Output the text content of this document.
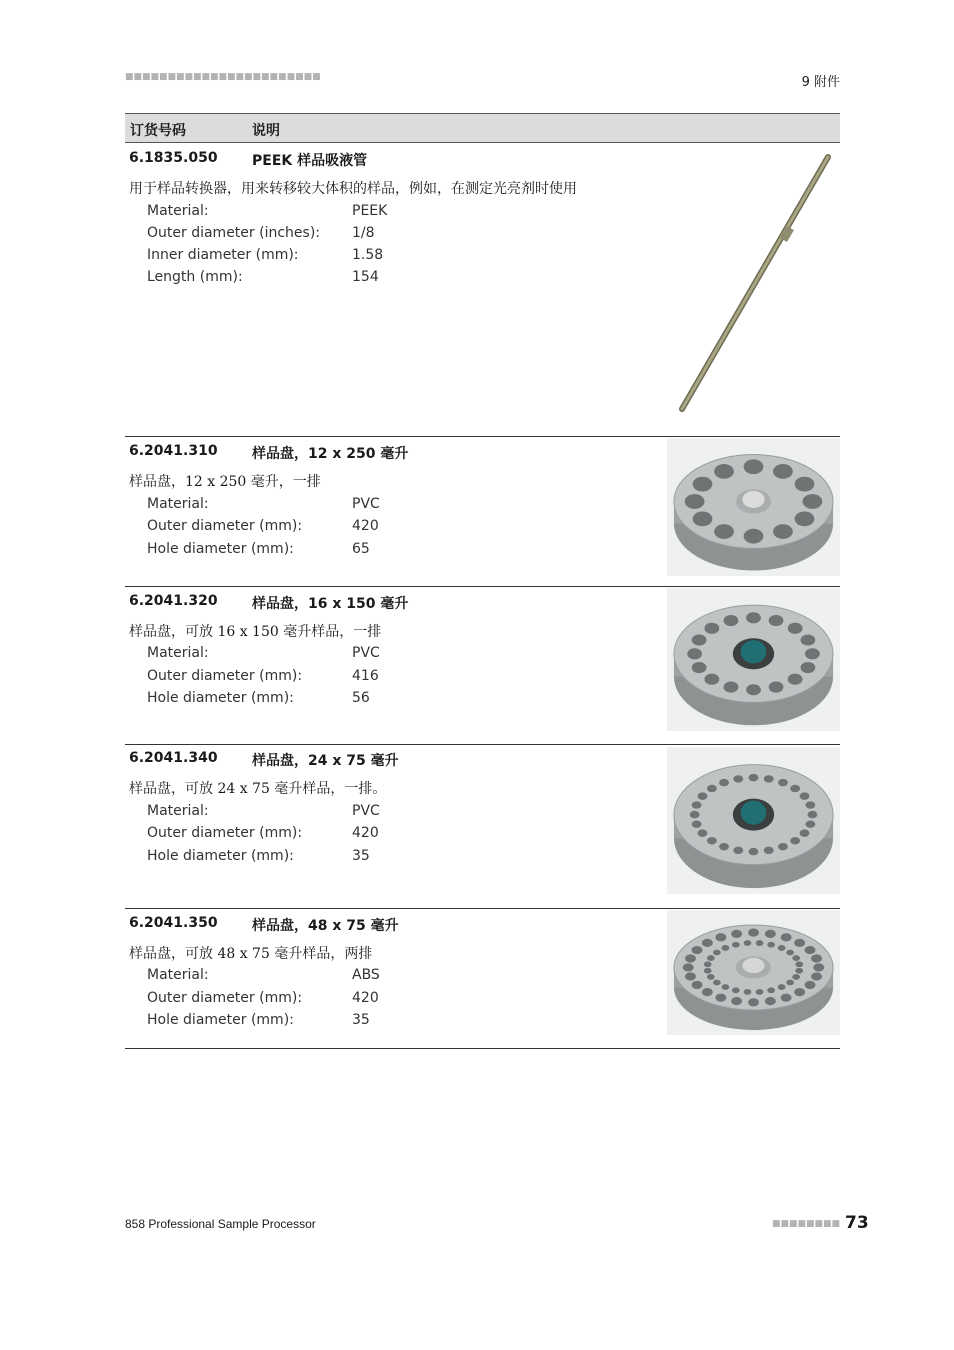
■■■■■■■■■■■■■■■■■■■■■■■	9 附件
订货号码	说明
6.1835.050 PEEK 样品吸液管
用于样品转换器，用来转移较大体积的样品，例如，在测定光亮剂时使用
Material:	PEEK
Outer diameter (inches): 1/8
Inner diameter (mm):	1.58
Length (mm):	154
6.2041.310 样品盘，12 x 250 毫升
样品盘，12 x 250 毫升，一排
Material:	PVC
Outer diameter (mm):	420
Hole diameter (mm):	65
6.2041.320 样品盘，16 x 150 毫升
样品盘，可放 16 x 150 毫升样品，一排
Material:	PVC
Outer diameter (mm):	416
Hole diameter (mm):	56
6.2041.340 样品盘，24 x 75 毫升
样品盘，可放 24 x 75 毫升样品，一排。
Material:	PVC
Outer diameter (mm):	420
Hole diameter (mm):	35
6.2041.350 样品盘，48 x 75 毫升
样品盘，可放 48 x 75 毫升样品，两排
Material:	ABS
Outer diameter (mm):	420
Hole diameter (mm):	35
858 Professional Sample Processor	■■■■■■■■ 73
